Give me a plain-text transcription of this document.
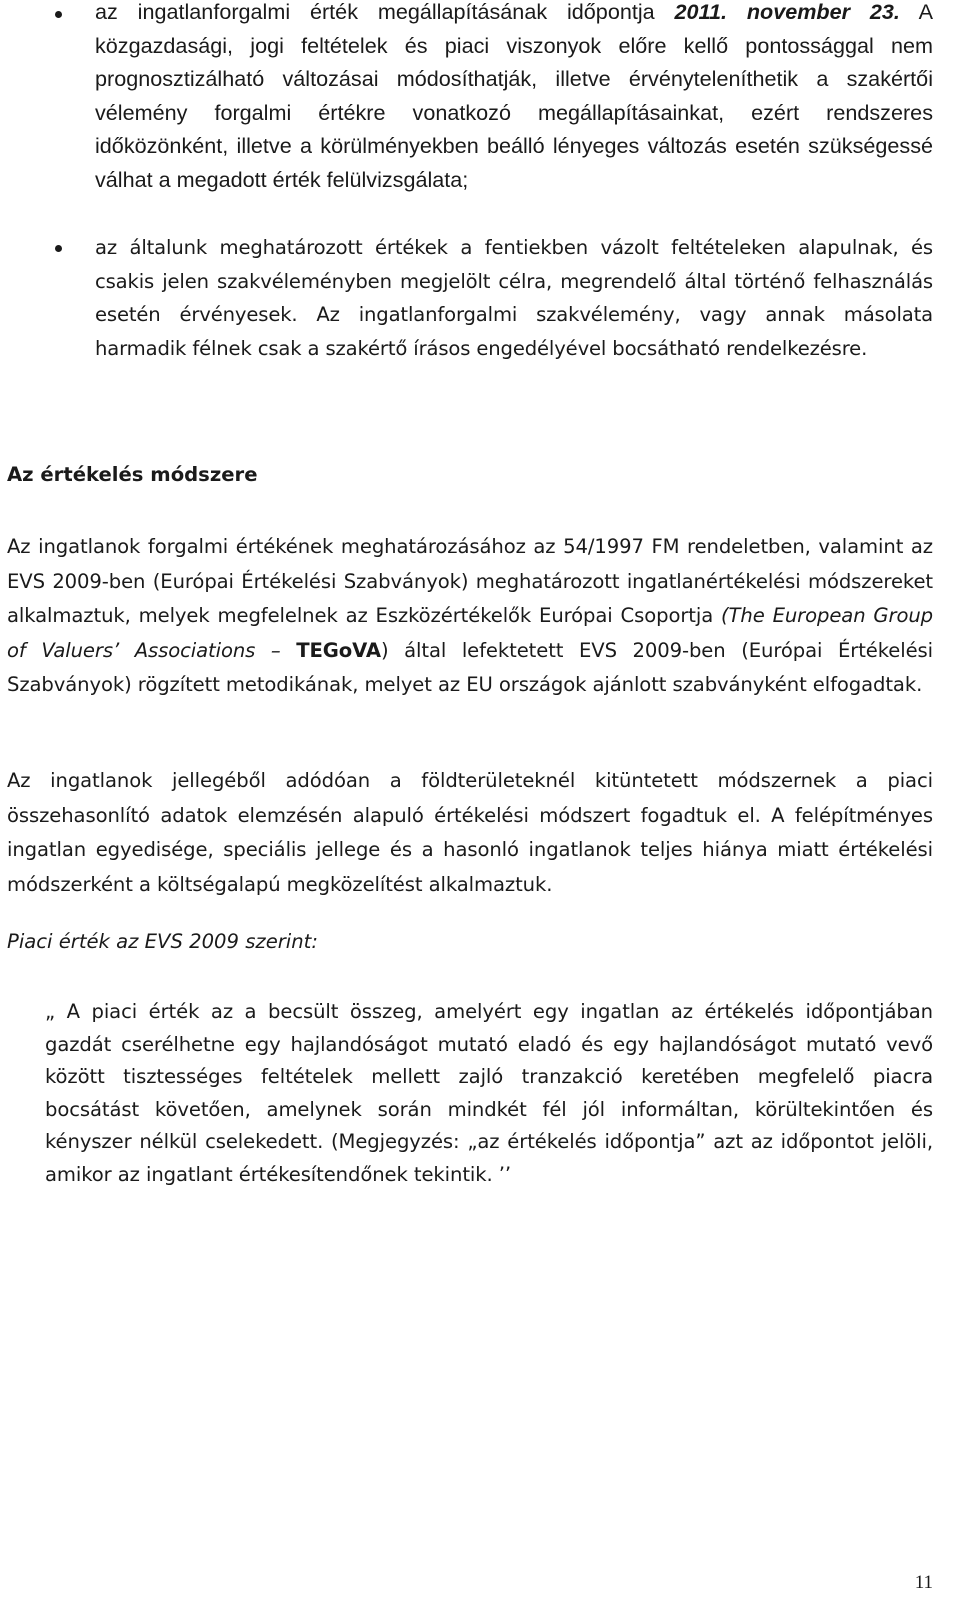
az ingatlanforgalmi érték megállapításának időpontja 2011. november 23. A közgazdasági, jogi feltételek és piaci viszonyok előre kellő pontossággal nem prognosztizálható változásai módosíthatják, illetve érvényteleníthetik a szakértői vélemény forgalmi értékre vonatkozó megállapításainkat, ezért rendszeres időközönként, illetve a körülményekben beálló lényeges változás esetén szükségessé válhat a megadott érték felülvizsgálata;

az általunk meghatározott értékek a fentiekben vázolt feltételeken alapulnak, és csakis jelen szakvéleményben megjelölt célra, megrendelő által történő felhasználás esetén érvényesek. Az ingatlanforgalmi szakvélemény, vagy annak másolata harmadik félnek csak a szakértő írásos engedélyével bocsátható rendelkezésre.

Az értékelés módszere

Az ingatlanok forgalmi értékének meghatározásához az 54/1997 FM rendeletben, valamint az EVS 2009-ben (Európai Értékelési Szabványok) meghatározott ingatlanértékelési módszereket alkalmaztuk, melyek megfelelnek az Eszközértékelők Európai Csoportja (The European Group of Valuers’ Associations – TEGoVA) által lefektetett EVS 2009-ben (Európai Értékelési Szabványok) rögzített metodikának, melyet az EU országok ajánlott szabványként elfogadtak.

Az ingatlanok jellegéből adódóan a földterületeknél kitüntetett módszernek a piaci összehasonlító adatok elemzésén alapuló értékelési módszert fogadtuk el. A felépítményes ingatlan egyedisége, speciális jellege és a hasonló ingatlanok teljes hiánya miatt értékelési módszerként a költségalapú megközelítést alkalmaztuk.

Piaci érték az EVS 2009 szerint:

„ A piaci érték az a becsült összeg, amelyért egy ingatlan az értékelés időpontjában gazdát cserélhetne egy hajlandóságot mutató eladó és egy hajlandóságot mutató vevő között tisztességes feltételek mellett zajló tranzakció keretében megfelelő piacra bocsátást követően, amelynek során mindkét fél jól informáltan, körültekintően és kényszer nélkül cselekedett. (Megjegyzés: „az értékelés időpontja” azt az időpontot jelöli, amikor az ingatlant értékesítendőnek tekintik. ’’

11
